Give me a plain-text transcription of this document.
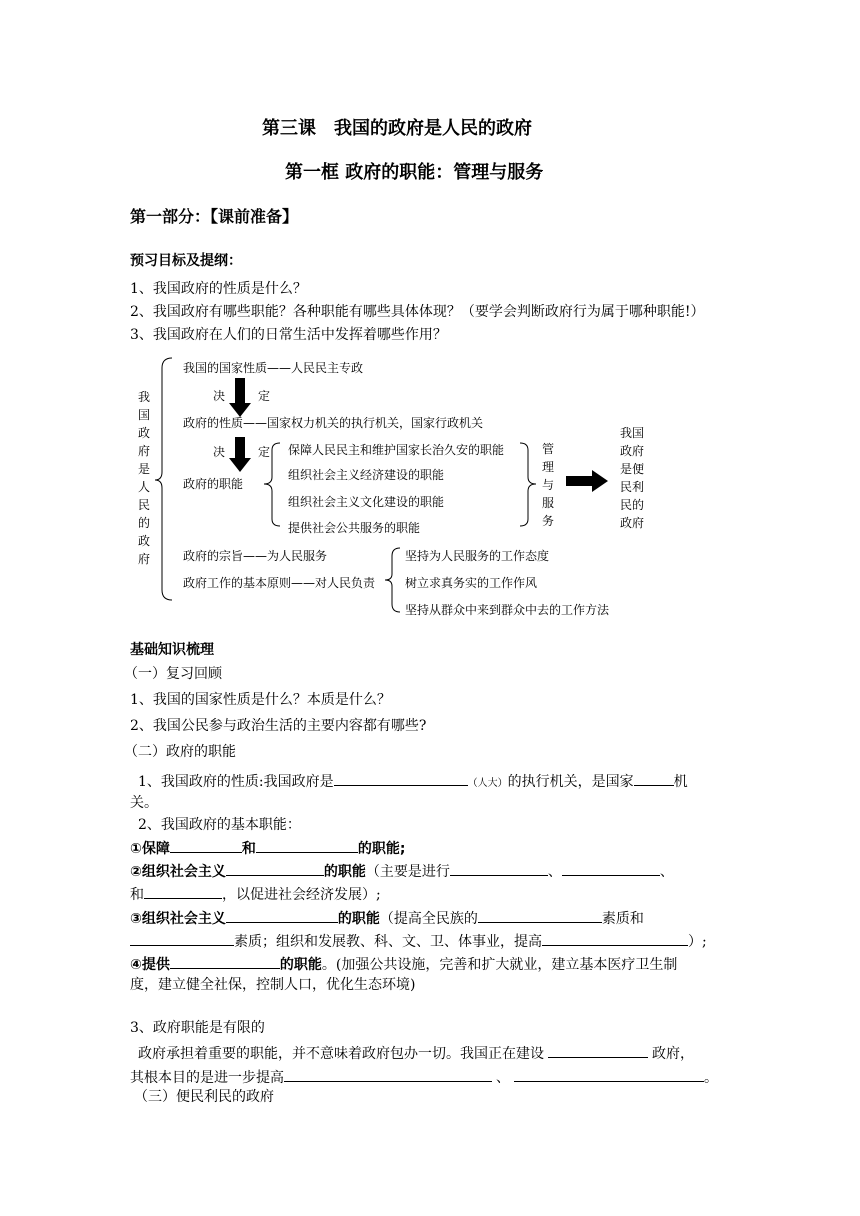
第三课　我国的政府是人民的政府
第一框 政府的职能：管理与服务
第一部分：【课前准备】
预习目标及提纲：
1、我国政府的性质是什么？
2、我国政府有哪些职能？各种职能有哪些具体体现？（要学会判断政府行为属于哪种职能!）
3、我国政府在人们的日常生活中发挥着哪些作用？
我国政府是人民的政府
我国的国家性质——人民民主专政
决	定
政府的性质——国家权力机关的执行机关，国家行政机关
决	定
政府的职能
保障人民民主和维护国家长治久安的职能
组织社会主义经济建设的职能
组织社会主义文化建设的职能
提供社会公共服务的职能
管理与服务
我国政府是便民利民的政府
政府的宗旨——为人民服务
政府工作的基本原则——对人民负责
坚持为人民服务的工作态度
树立求真务实的工作作风
坚持从群众中来到群众中去的工作方法
基础知识梳理
（一）复习回顾
1、我国的国家性质是什么？本质是什么？
2、我国公民参与政治生活的主要内容都有哪些?
（二）政府的职能
1、我国政府的性质:我国政府是	（人大）的执行机关，是国家	机
关。
2、我国政府的基本职能：
①保障	和	的职能;
②组织社会主义	的职能（主要是进行	、	、
和	，以促进社会经济发展）;
③组织社会主义	的职能（提高全民族的	素质和
素质；组织和发展教、科、文、卫、体事业，提高	）;
④提供	的职能。(加强公共设施，完善和扩大就业，建立基本医疗卫生制
度，建立健全社保，控制人口，优化生态环境)
3、政府职能是有限的
政府承担着重要的职能，并不意味着政府包办一切。我国正在建设	政府，
其根本目的是进一步提高	、	。
（三）便民利民的政府
